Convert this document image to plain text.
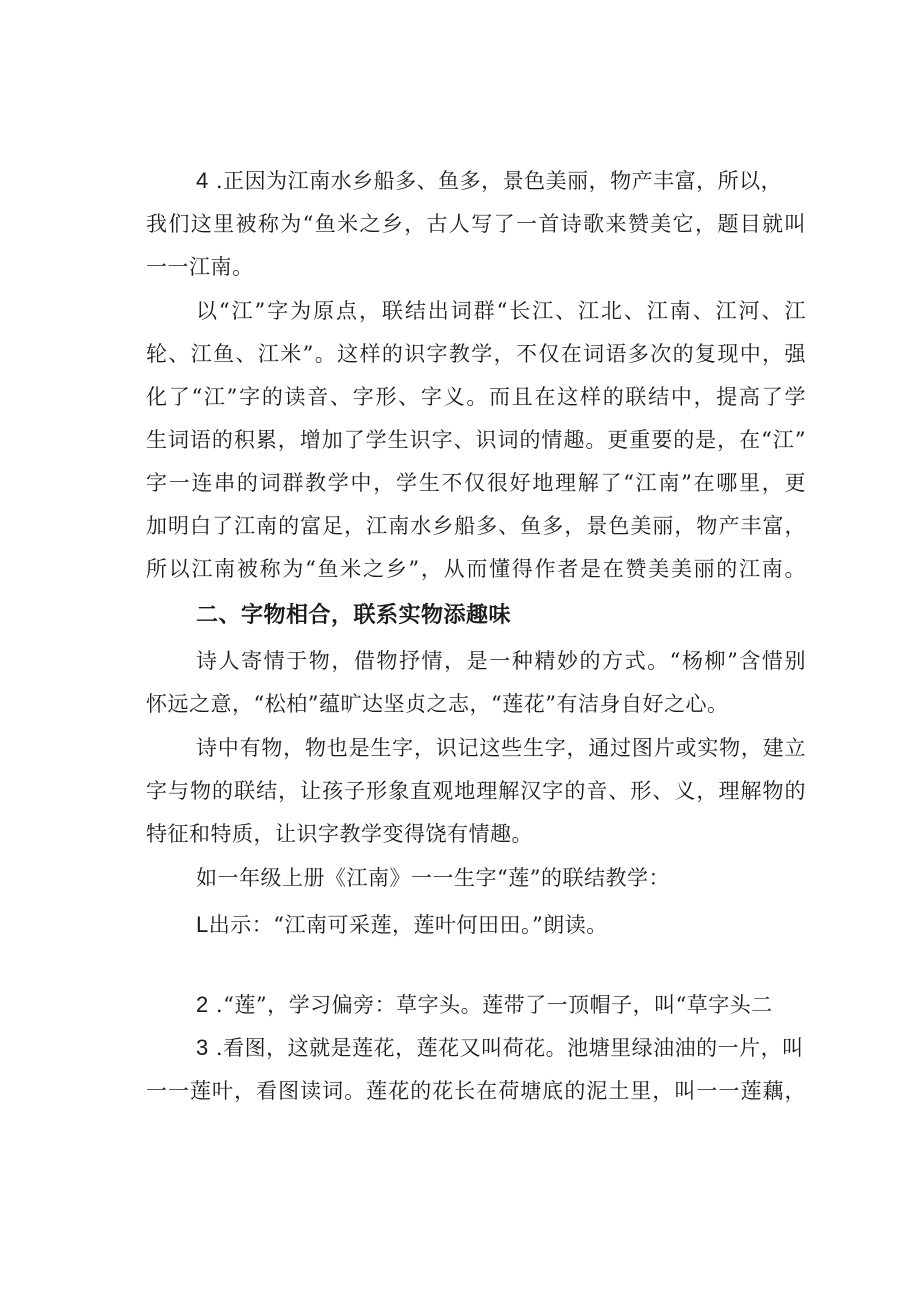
4 .正因为江南水乡船多、鱼多，景色美丽，物产丰富，所以，
我们这里被称为“鱼米之乡，古人写了一首诗歌来赞美它，题目就叫
一一江南。
以“江”字为原点，联结出词群“长江、江北、江南、江河、江
轮、江鱼、江米”。这样的识字教学，不仅在词语多次的复现中，强
化了“江”字的读音、字形、字义。而且在这样的联结中，提高了学
生词语的积累，增加了学生识字、识词的情趣。更重要的是，在“江”
字一连串的词群教学中，学生不仅很好地理解了“江南”在哪里，更
加明白了江南的富足，江南水乡船多、鱼多，景色美丽，物产丰富，
所以江南被称为“鱼米之乡”，从而懂得作者是在赞美美丽的江南。
二、字物相合，联系实物添趣味
诗人寄情于物，借物抒情，是一种精妙的方式。“杨柳”含惜别
怀远之意，“松柏”蕴旷达坚贞之志，“莲花”有洁身自好之心。
诗中有物，物也是生字，识记这些生字，通过图片或实物，建立
字与物的联结，让孩子形象直观地理解汉字的音、形、义，理解物的
特征和特质，让识字教学变得饶有情趣。
如一年级上册《江南》一一生字“莲”的联结教学：
L出示：“江南可采莲，莲叶何田田。”朗读。
2 .“莲”，学习偏旁：草字头。莲带了一顶帽子，叫“草字头二
3 .看图，这就是莲花，莲花又叫荷花。池塘里绿油油的一片，叫
一一莲叶，看图读词。莲花的花长在荷塘底的泥土里，叫一一莲藕，
